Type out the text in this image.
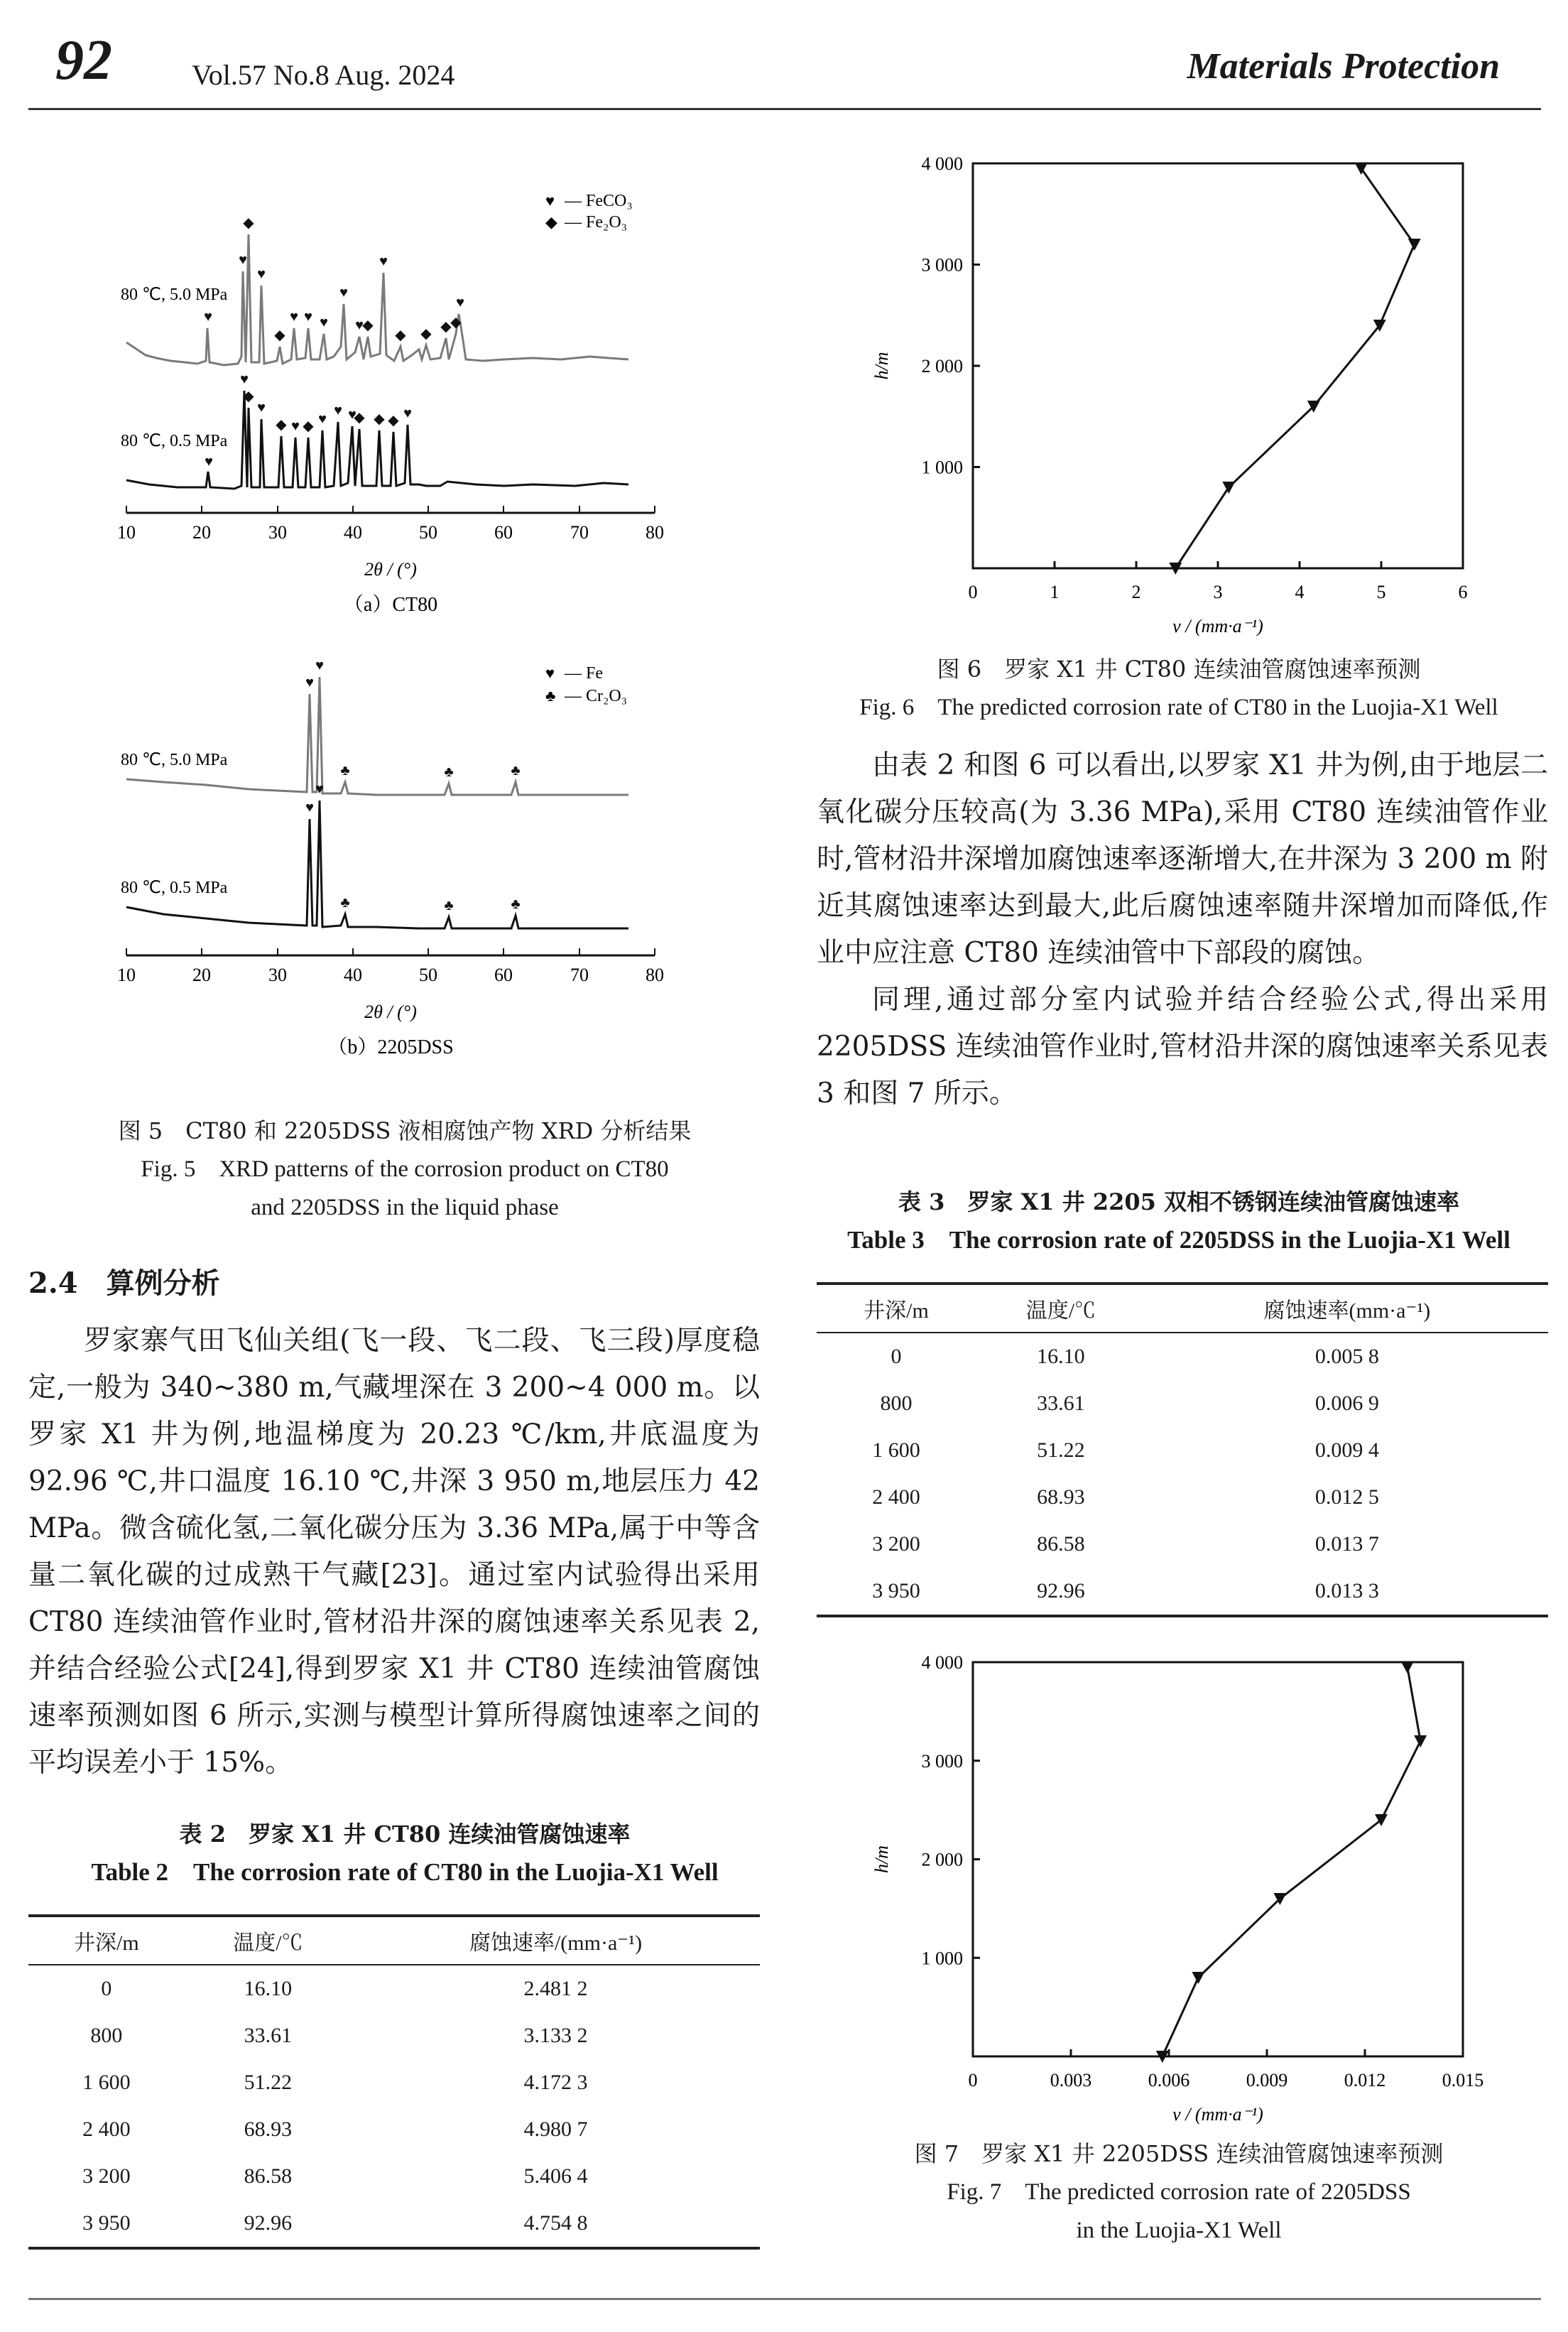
92	Vol.57 No.8 Aug. 2024	Materials Protection
♥ — FeCO₃
◆ — Fe₂O₃
80 ℃, 5.0 MPa
80 ℃, 0.5 MPa
♥
♥
◆
♥
◆
♥ ♥ ♥
♥
♥
◆
♥
◆ ◆ ◆
◆
♥
♥
♥
◆
♥
◆ ♥ ◆ ♥
♥ ♥
◆ ◆ ◆ ♥
10	20	30	40	50	60	70	80
2θ / (°)
（a）CT80
♥ — Fe
♣ — Cr₂O₃
80 ℃, 5.0 MPa
80 ℃, 0.5 MPa
♥
♥
♣	♣	♣
♥
♥
♣	♣	♣
10	20	30	40	50	60	70	80
2θ / (°)
（b）2205DSS
图 5　CT80 和 2205DSS 液相腐蚀产物 XRD 分析结果
Fig. 5　XRD patterns of the corrosion product on CT80
and 2205DSS in the liquid phase
2.4　算例分析

罗家寨气田飞仙关组(飞一段、飞二段、飞三段)厚度稳定,一般为 340~380 m,气藏埋深在 3 200~4 000 m。以罗家 X1 井为例,地温梯度为 20.23 ℃/km,井底温度为 92.96 ℃,井口温度 16.10 ℃,井深 3 950 m,地层压力 42 MPa。微含硫化氢,二氧化碳分压为 3.36 MPa,属于中等含量二氧化碳的过成熟干气藏[23]。通过室内试验得出采用 CT80 连续油管作业时,管材沿井深的腐蚀速率关系见表 2,并结合经验公式[24],得到罗家 X1 井 CT80 连续油管腐蚀速率预测如图 6 所示,实测与模型计算所得腐蚀速率之间的平均误差小于 15%。

表 2　罗家 X1 井 CT80 连续油管腐蚀速率
Table 2　The corrosion rate of CT80 in the Luojia-X1 Well
井深/m	温度/℃	腐蚀速率/(mm·a⁻¹)
0	16.10	2.481 2
800	33.61	3.133 2
1 600	51.22	4.172 3
2 400	68.93	4.980 7
3 200	86.58	5.406 4
3 950	92.96	4.754 8
0	1	2	3	4	5	6
1 000
2 000
3 000
4 000
v / (mm·a⁻¹)
h/m
图 6　罗家 X1 井 CT80 连续油管腐蚀速率预测
Fig. 6　The predicted corrosion rate of CT80 in the Luojia-X1 Well

由表 2 和图 6 可以看出,以罗家 X1 井为例,由于地层二氧化碳分压较高(为 3.36 MPa),采用 CT80 连续油管作业时,管材沿井深增加腐蚀速率逐渐增大,在井深为 3 200 m 附近其腐蚀速率达到最大,此后腐蚀速率随井深增加而降低,作业中应注意 CT80 连续油管中下部段的腐蚀。

同理,通过部分室内试验并结合经验公式,得出采用 2205DSS 连续油管作业时,管材沿井深的腐蚀速率关系见表 3 和图 7 所示。

表 3　罗家 X1 井 2205 双相不锈钢连续油管腐蚀速率
Table 3　The corrosion rate of 2205DSS in the Luojia-X1 Well
井深/m	温度/℃	腐蚀速率(mm·a⁻¹)
0	16.10	0.005 8
800	33.61	0.006 9
1 600	51.22	0.009 4
2 400	68.93	0.012 5
3 200	86.58	0.013 7
3 950	92.96	0.013 3
0	0.003	0.006	0.009	0.012	0.015
1 000
2 000
3 000
4 000
v / (mm·a⁻¹)
h/m
图 7　罗家 X1 井 2205DSS 连续油管腐蚀速率预测
Fig. 7　The predicted corrosion rate of 2205DSS
in the Luojia-X1 Well
